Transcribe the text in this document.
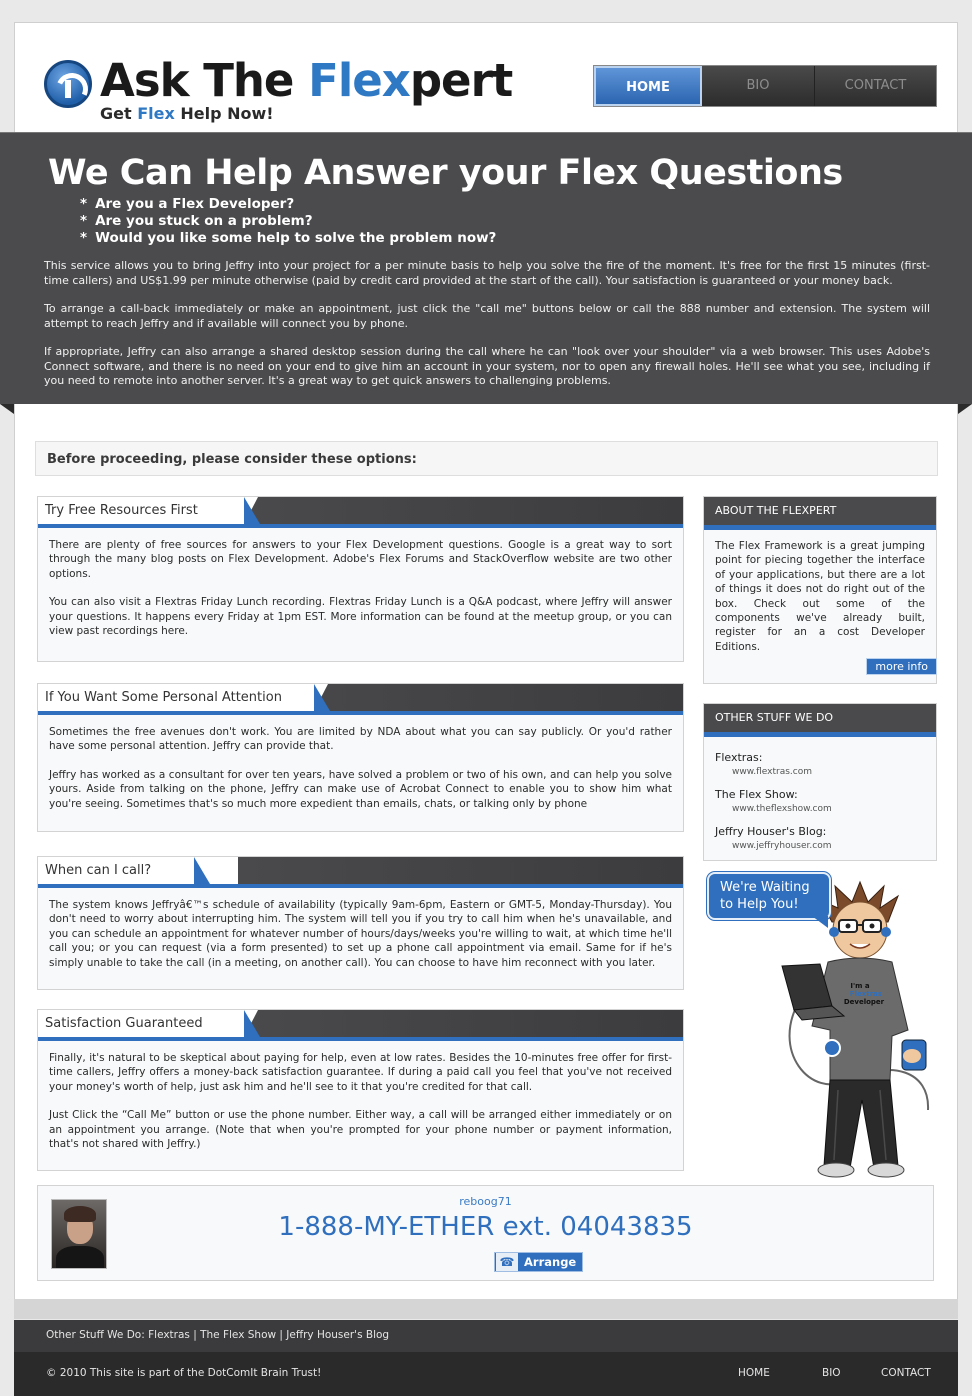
Ask The Flexpert
Get Flex Help Now!
HOME	BIO	CONTACT
We Can Help Answer your Flex Questions
* Are you a Flex Developer?
* Are you stuck on a problem?
* Would you like some help to solve the problem now?

This service allows you to bring Jeffry into your project for a per minute basis to help you solve the fire of the moment. It's free for the first 15 minutes (first-time callers) and US$1.99 per minute otherwise (paid by credit card provided at the start of the call). Your satisfaction is guaranteed or your money back.

To arrange a call-back immediately or make an appointment, just click the "call me" buttons below or call the 888 number and extension. The system will attempt to reach Jeffry and if available will connect you by phone.

If appropriate, Jeffry can also arrange a shared desktop session during the call where he can "look over your shoulder" via a web browser. This uses Adobe's Connect software, and there is no need on your end to give him an account in your system, nor to open any firewall holes. He'll see what you see, including if you need to remote into another server. It's a great way to get quick answers to challenging problems.

Before proceeding, please consider these options:
Try Free Resources First

There are plenty of free sources for answers to your Flex Development questions. Google is a great way to sort through the many blog posts on Flex Development. Adobe's Flex Forums and StackOverflow website are two other options.

You can also visit a Flextras Friday Lunch recording. Flextras Friday Lunch is a Q&A podcast, where Jeffry will answer your questions. It happens every Friday at 1pm EST. More information can be found at the meetup group, or you can view past recordings here.

If You Want Some Personal Attention

Sometimes the free avenues don't work. You are limited by NDA about what you can say publicly. Or you'd rather have some personal attention. Jeffry can provide that.

Jeffry has worked as a consultant for over ten years, have solved a problem or two of his own, and can help you solve yours. Aside from talking on the phone, Jeffry can make use of Acrobat Connect to enable you to show him what you're seeing. Sometimes that's so much more expedient than emails, chats, or talking only by phone

When can I call?

The system knows Jeffryâ€™s schedule of availability (typically 9am-6pm, Eastern or GMT-5, Monday-Thursday). You don't need to worry about interrupting him. The system will tell you if you try to call him when he's unavailable, and you can schedule an appointment for whatever number of hours/days/weeks you're willing to wait, at which time he'll call you; or you can request (via a form presented) to set up a phone call appointment via email. Same for if he's simply unable to take the call (in a meeting, on another call). You can choose to have him reconnect with you later.

Satisfaction Guaranteed

Finally, it's natural to be skeptical about paying for help, even at low rates. Besides the 10-minutes free offer for first-time callers, Jeffry offers a money-back satisfaction guarantee. If during a paid call you feel that you've not received your money's worth of help, just ask him and he'll see to it that you're credited for that call.

Just Click the “Call Me” button or use the phone number. Either way, a call will be arranged either immediately or on an appointment you arrange. (Note that when you're prompted for your phone number or payment information, that's not shared with Jeffry.)

ABOUT THE FLEXPERT
The Flex Framework is a great jumping point for piecing together the interface of your applications, but there are a lot of things it does not do right out of the box. Check out some of the components we've already built, register for an a cost Developer Editions.
more info
OTHER STUFF WE DO
Flextras:
www.flextras.com
The Flex Show:
www.theflexshow.com
Jeffry Houser's Blog:
www.jeffryhouser.com
I'm a
Flextras
Developer
We're Waiting
to Help You!
reboog71
1-888-MY-ETHER ext. 04043835
☎ Arrange
Other Stuff We Do: Flextras | The Flex Show | Jeffry Houser's Blog
© 2010 This site is part of the DotComIt Brain Trust!	HOME	BIO	CONTACT
